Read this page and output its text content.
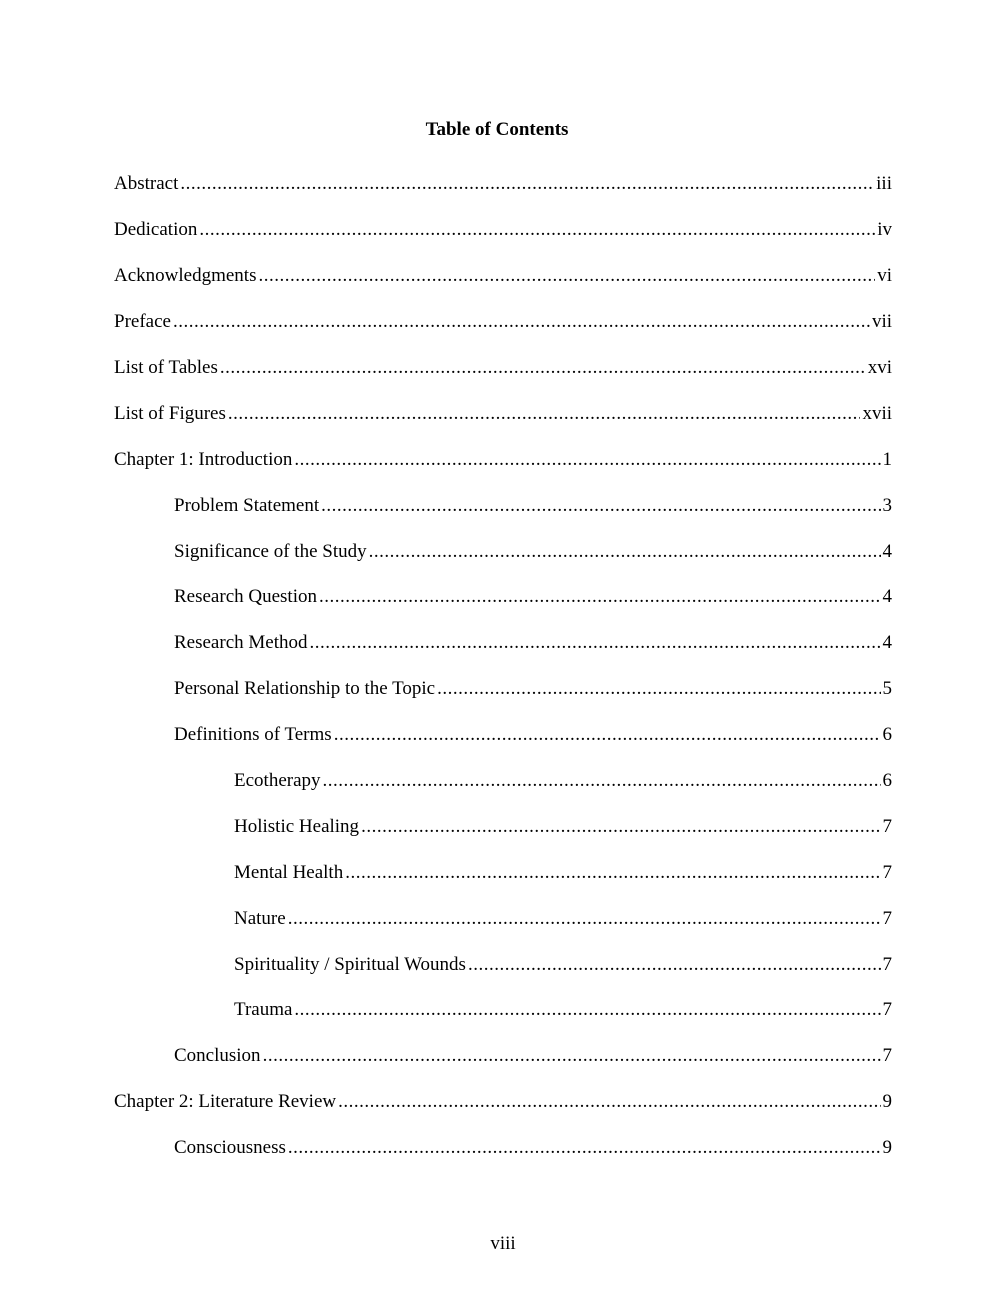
Table of Contents
Abstract .....	iii
Dedication .....	iv
Acknowledgments .....	vi
Preface .....	vii
List of Tables .....	xvi
List of Figures .....	xvii
Chapter 1: Introduction .....	1
Problem Statement .....	3
Significance of the Study .....	4
Research Question .....	4
Research Method .....	4
Personal Relationship to the Topic .....	5
Definitions of Terms .....	6
Ecotherapy .....	6
Holistic Healing .....	7
Mental Health .....	7
Nature .....	7
Spirituality / Spiritual Wounds .....	7
Trauma .....	7
Conclusion .....	7
Chapter 2: Literature Review .....	9
Consciousness .....	9
viii
